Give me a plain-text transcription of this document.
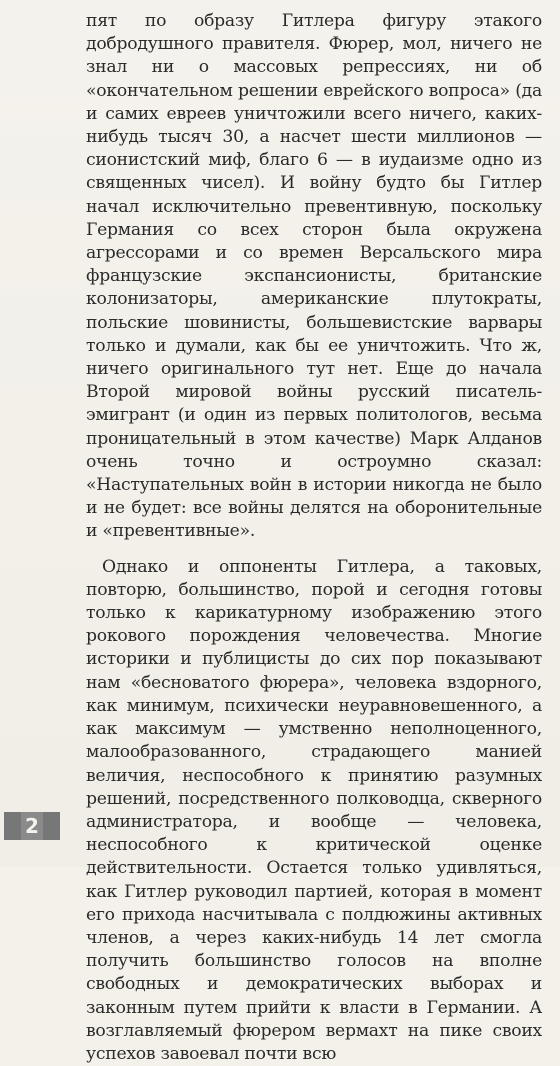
пят по образу Гитлера фигуру этакого добродушного правителя. Фюрер, мол, ничего не знал ни о массовых репрессиях, ни об «окончательном решении еврейского вопроса» (да и самих евреев уничтожили всего ничего, каких-нибудь тысяч 30, а насчет шести миллионов — сионистский миф, благо 6 — в иудаизме одно из священных чисел). И войну будто бы Гитлер начал исключительно превентивную, поскольку Германия со всех сторон была окружена агрессорами и со времен Версальского мира французские экспансионисты, британские колонизаторы, американские плутократы, польские шовинисты, большевистские варвары только и думали, как бы ее уничтожить. Что ж, ничего оригинального тут нет. Еще до начала Второй мировой войны русский писатель-эмигрант (и один из первых политологов, весьма проницательный в этом качестве) Марк Алданов очень точно и остроумно сказал: «Наступательных войн в истории никогда не было и не будет: все войны делятся на оборонительные и «превентивные».

Однако и оппоненты Гитлера, а таковых, повторю, большинство, порой и сегодня готовы только к карикатурному изображению этого рокового порождения человечества. Многие историки и публицисты до сих пор показывают нам «бесноватого фюрера», человека вздорного, как минимум, психически неуравновешенного, а как максимум — умственно неполноценного, малообразованного, страдающего манией величия, неспособного к принятию разумных решений, посредственного полководца, скверного администратора, и вообще — человека, неспособного к критической оценке действительности. Остается только удивляться, как Гитлер руководил партией, которая в момент его прихода насчитывала с полдюжины активных членов, а через каких-нибудь 14 лет смогла получить большинство голосов на вполне свободных и демократических выборах и законным путем прийти к власти в Германии. А возглавляемый фюрером вермахт на пике своих успехов завоевал почти всю

2
